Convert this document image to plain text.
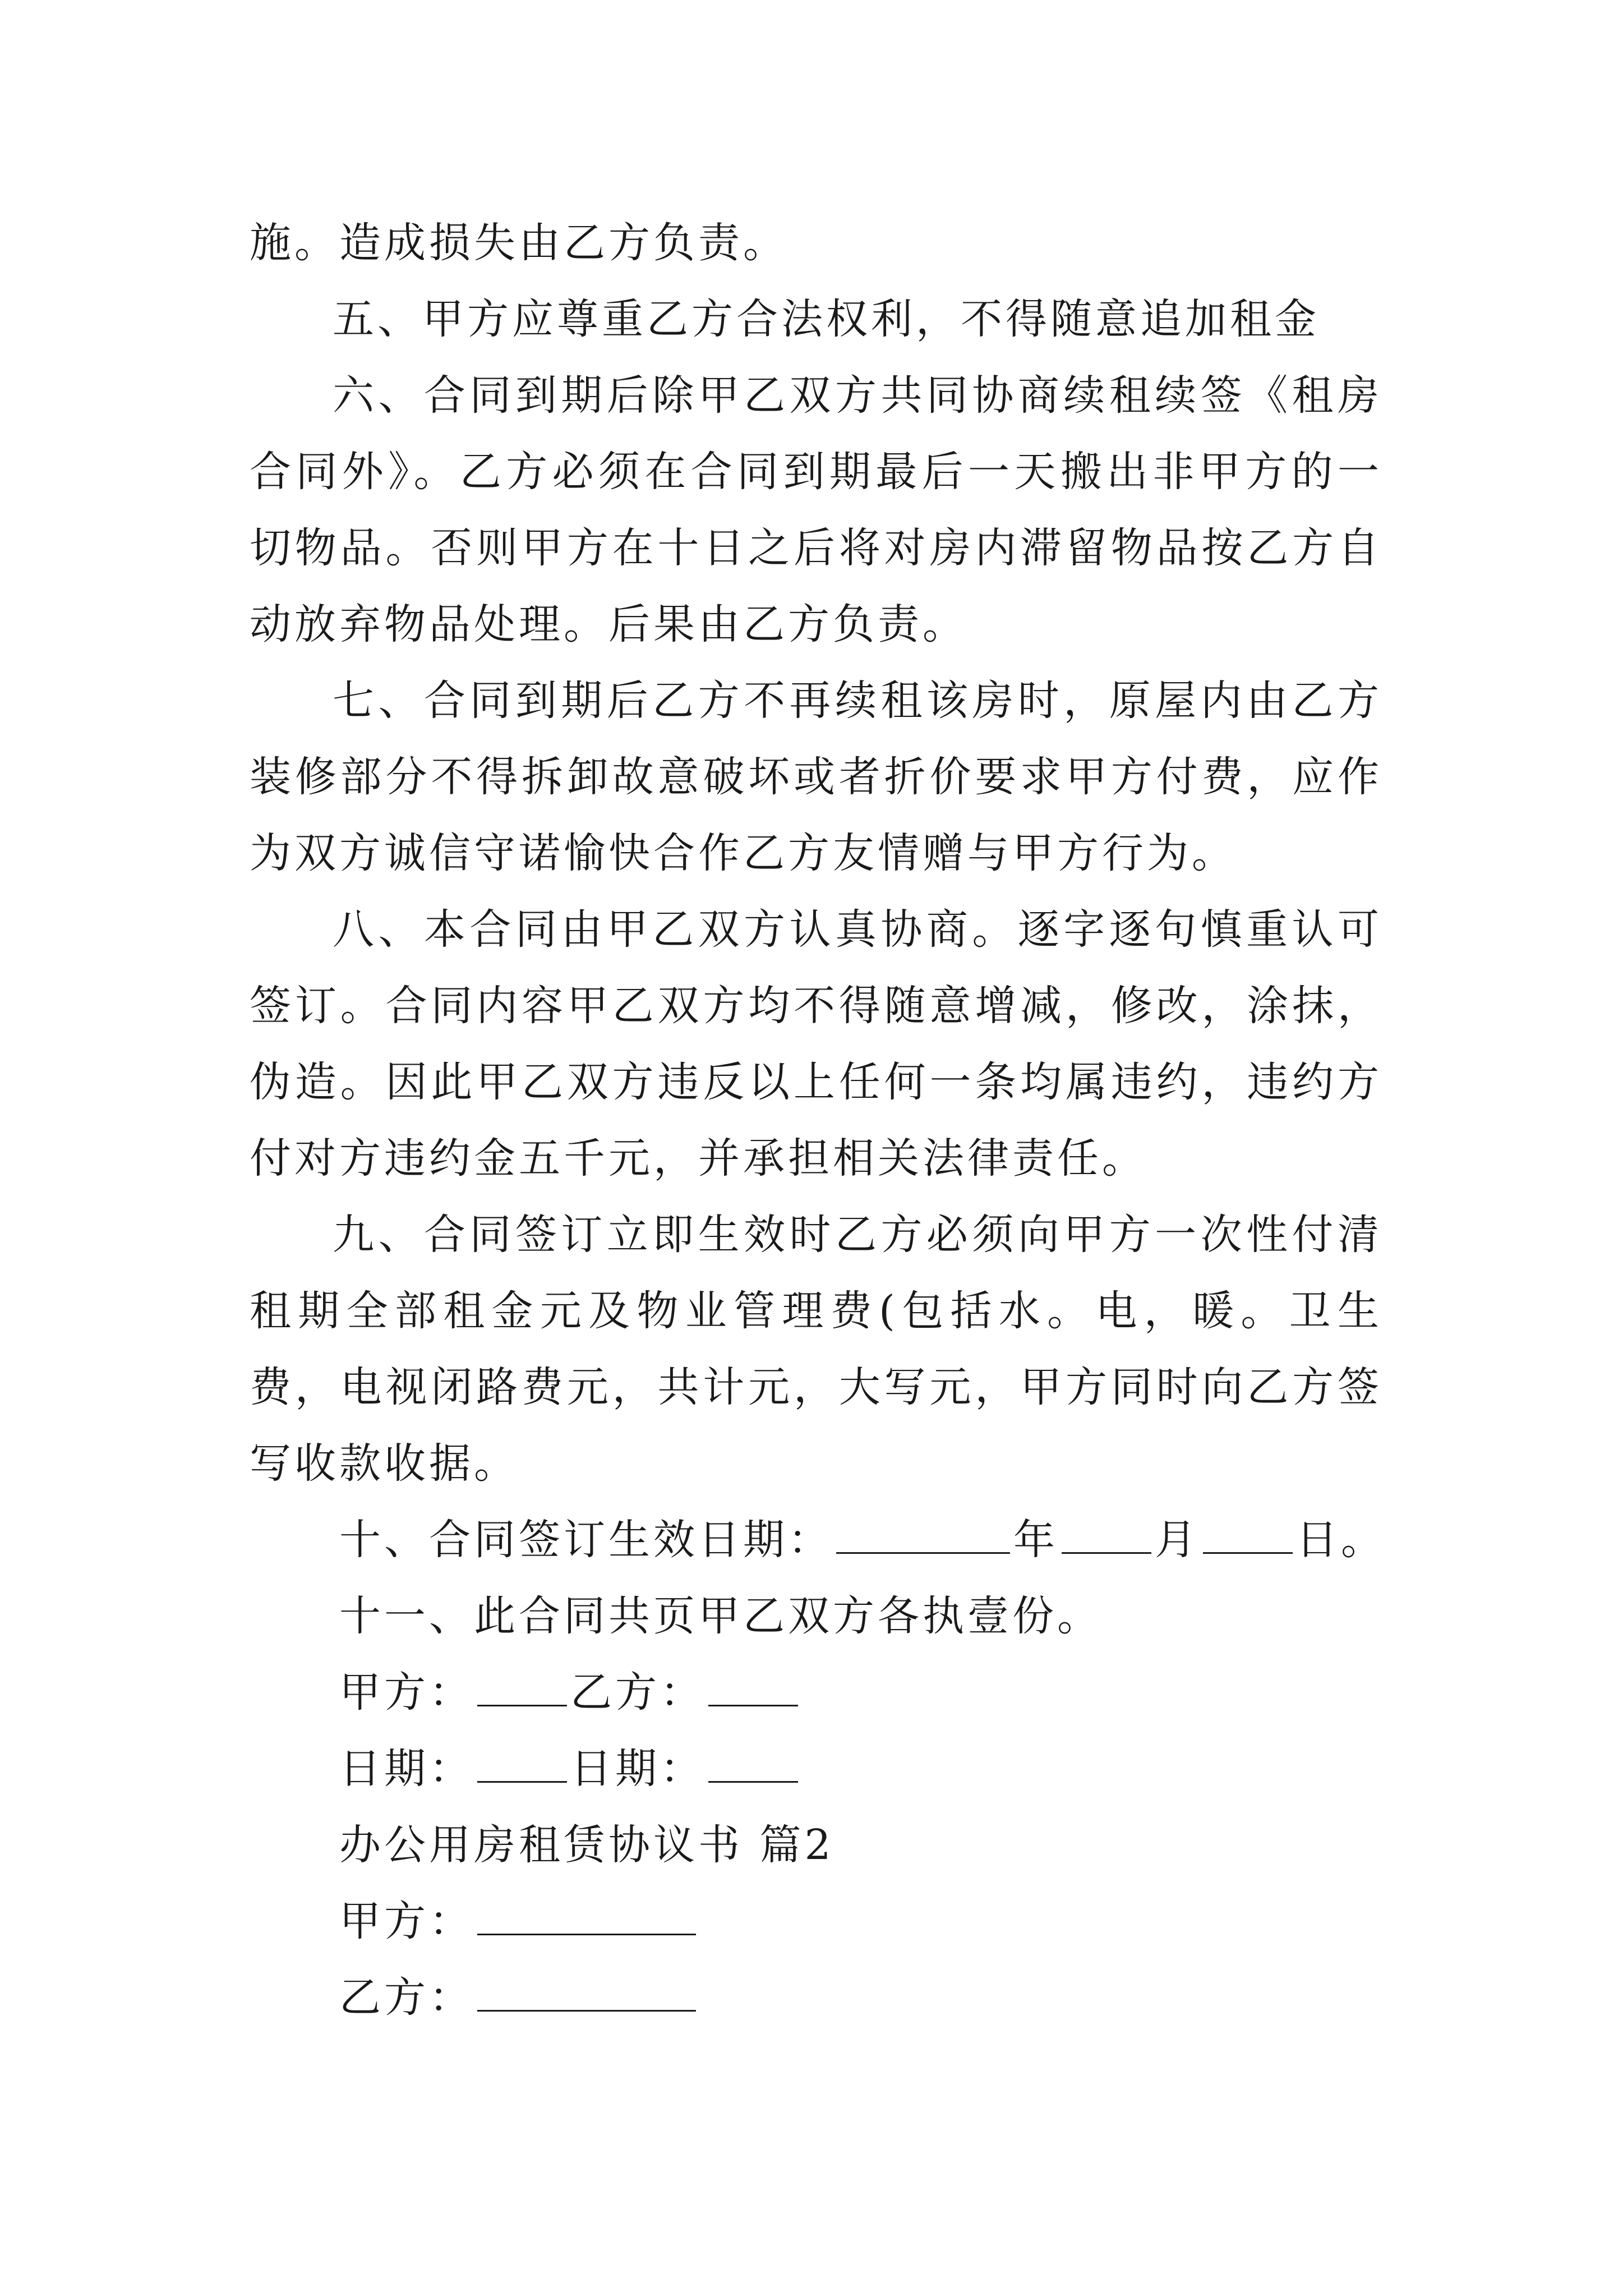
施。造成损失由乙方负责。

五、甲方应尊重乙方合法权利，不得随意追加租金

六、合同到期后除甲乙双方共同协商续租续签《租房合同外》。乙方必须在合同到期最后一天搬出非甲方的一切物品。否则甲方在十日之后将对房内滞留物品按乙方自动放弃物品处理。后果由乙方负责。

七、合同到期后乙方不再续租该房时，原屋内由乙方装修部分不得拆卸故意破坏或者折价要求甲方付费，应作为双方诚信守诺愉快合作乙方友情赠与甲方行为。

八、本合同由甲乙双方认真协商。逐字逐句慎重认可签订。合同内容甲乙双方均不得随意增减，修改，涂抹，伪造。因此甲乙双方违反以上任何一条均属违约，违约方付对方违约金五千元，并承担相关法律责任。

九、合同签订立即生效时乙方必须向甲方一次性付清租期全部租金元及物业管理费(包括水。电，暖。卫生费，电视闭路费元，共计元，大写元，甲方同时向乙方签写收款收据。

十、合同签订生效日期：	年 月 日。

十一、此合同共页甲乙双方各执壹份。

甲方： 乙方：

日期： 日期：

办公用房租赁协议书 篇2

甲方：

乙方：
